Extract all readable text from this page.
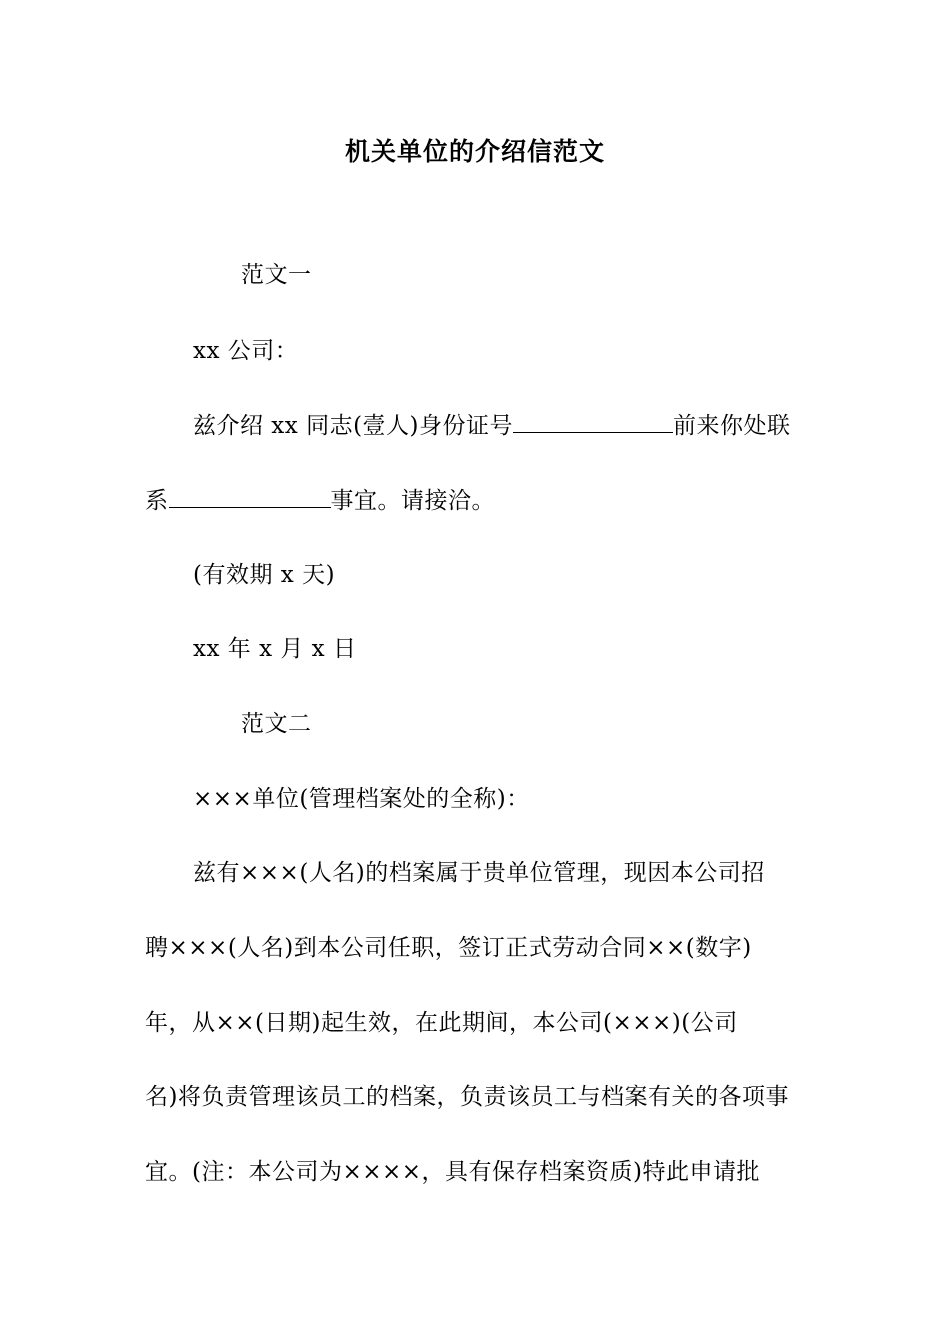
机关单位的介绍信范文
范文一
xx 公司：
兹介绍 xx 同志(壹人)身份证号	前来你处联
系	事宜。请接洽。
(有效期 x 天)
xx 年 x 月 x 日
范文二
×××单位(管理档案处的全称)：
兹有×××(人名)的档案属于贵单位管理，现因本公司招
聘×××(人名)到本公司任职，签订正式劳动合同××(数字)
年，从××(日期)起生效，在此期间，本公司(×××)(公司
名)将负责管理该员工的档案，负责该员工与档案有关的各项事
宜。(注：本公司为××××，具有保存档案资质)特此申请批
